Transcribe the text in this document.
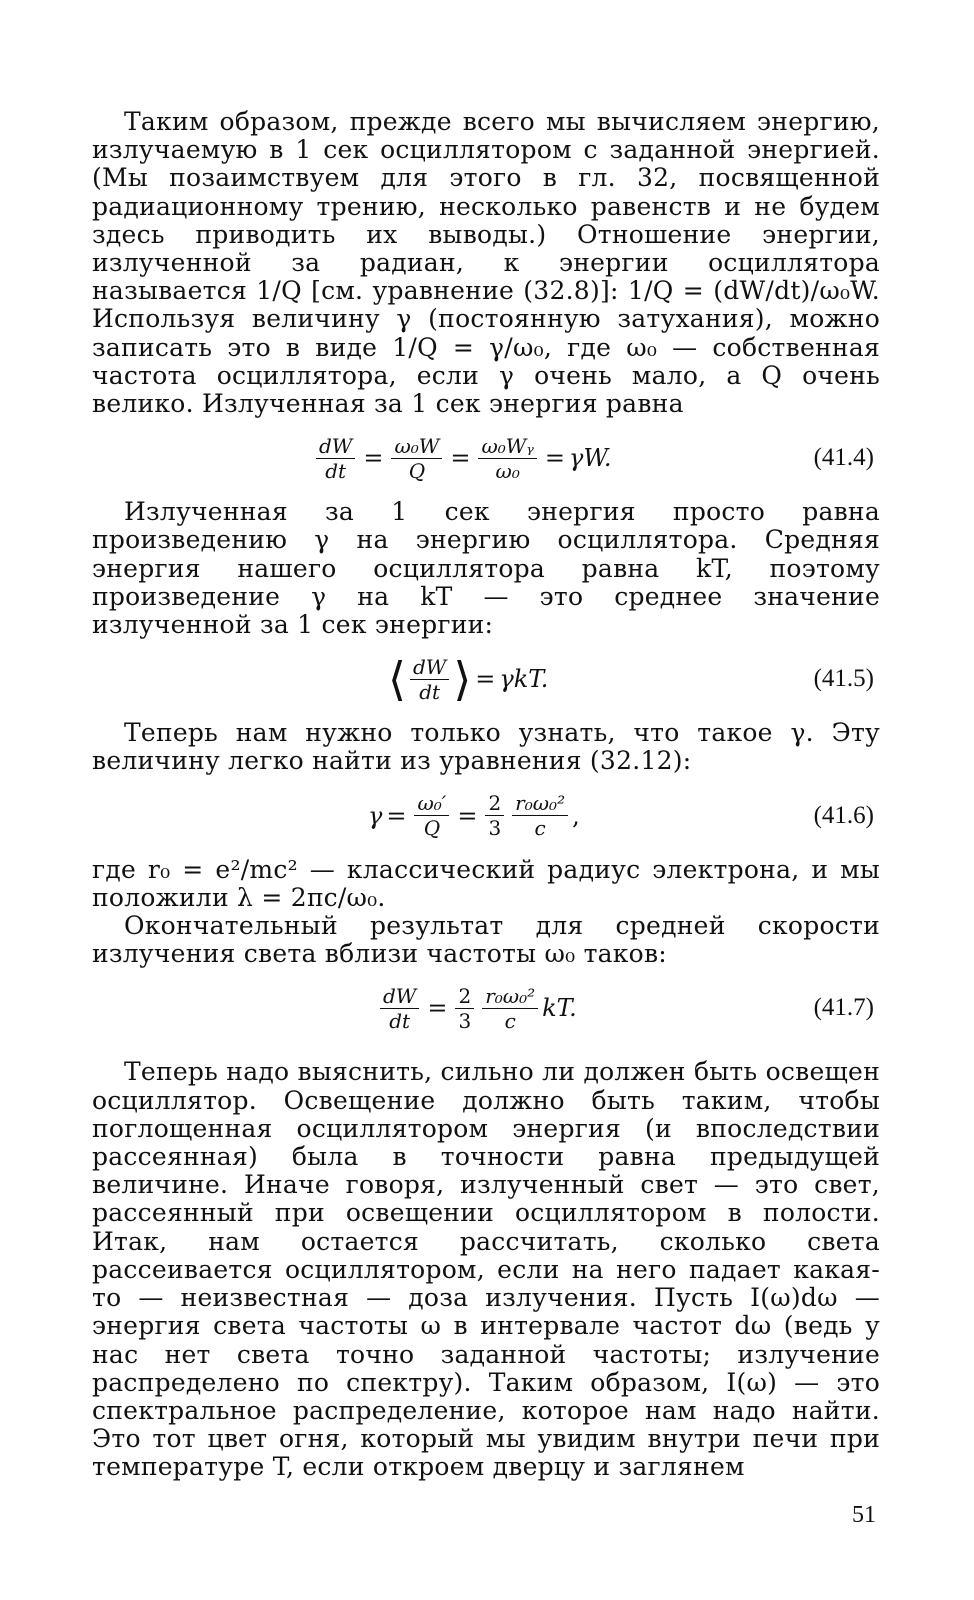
Таким образом, прежде всего мы вычисляем энергию, излучаемую в 1 сек осциллятором с заданной энергией. (Мы позаимствуем для этого в гл. 32, посвященной радиационному трению, несколько равенств и не будем здесь приводить их выводы.) Отношение энергии, излученной за радиан, к энергии осциллятора называется 1/Q [см. уравнение (32.8)]: 1/Q = (dW/dt)/ω₀W. Используя величину γ (постоянную затухания), можно записать это в виде 1/Q = γ/ω₀, где ω₀ — собственная частота осциллятора, если γ очень мало, а Q очень велико. Излученная за 1 сек энергия равна

$\frac{dW}{dt} = \frac{\text{ω₀W}}{Q} = \frac{\text{ω₀Wᵧ}}{\text{ω₀}} = \gamma W$.	(41.4)

Излученная за 1 сек энергия просто равна произведению γ на энергию осциллятора. Средняя энергия нашего осциллятора равна kT, поэтому произведение γ на kT — это среднее значение излученной за 1 сек энергии:

⟨ $\frac{dW}{dt}$ ⟩ = γkT.	(41.5)

Теперь нам нужно только узнать, что такое γ. Эту величину легко найти из уравнения (32.12):

$\gamma = \frac{\text{ω₀′}}{Q} = \frac{2}{3} \frac{\text{r₀ω₀²}}{c}$ ,	(41.6)

где r₀ = e²/mc² — классический радиус электрона, и мы положили λ = 2πc/ω₀.

Окончательный результат для средней скорости излучения света вблизи частоты ω₀ таков:

$\frac{dW}{dt} = \frac{2}{3} \frac{\text{r₀ω₀²}}{c}$ kT.	(41.7)

Теперь надо выяснить, сильно ли должен быть освещен осциллятор. Освещение должно быть таким, чтобы поглощенная осциллятором энергия (и впоследствии рассеянная) была в точности равна предыдущей величине. Иначе говоря, излученный свет — это свет, рассеянный при освещении осциллятором в полости. Итак, нам остается рассчитать, сколько света рассеивается осциллятором, если на него падает какая-то — неизвестная — доза излучения. Пусть I(ω)dω — энергия света частоты ω в интервале частот dω (ведь у нас нет света точно заданной частоты; излучение распределено по спектру). Таким образом, I(ω) — это спектральное распределение, которое нам надо найти. Это тот цвет огня, который мы увидим внутри печи при температуре T, если откроем дверцу и заглянем

51
